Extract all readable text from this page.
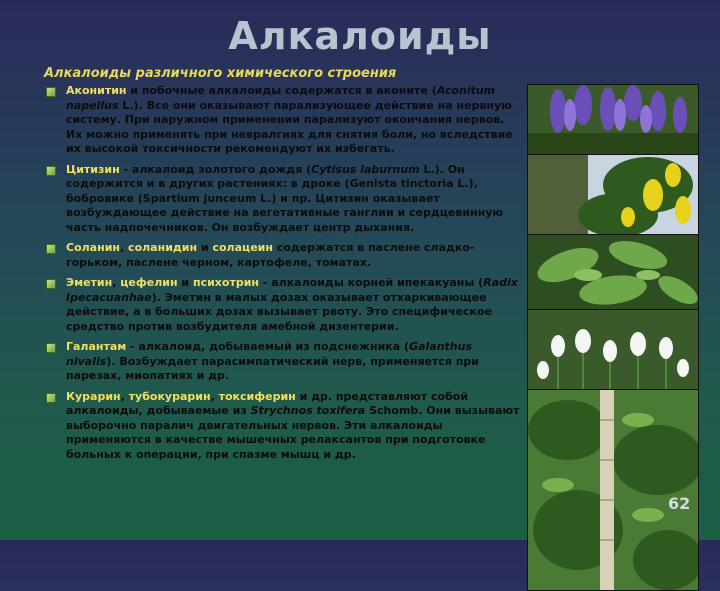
Алкалоиды
Алкалоиды различного химического строения
Аконитин и побочные алкалоиды содержатся в аконите (Aconitum napellus L.). Все они оказывают парализующее действие на нервную систему. При наружном применении парализуют окончания нервов. Их можно применять при невралгиях для снятия боли, но вследствие их высокой токсичности рекомендуют их избегать.
Цитизин - алкалоид золотого дождя (Cytisus laburnum L.). Он содержится и в других растениях: в дроке (Genista tinctoria L.), бобровике (Spartium junceum L.) и пр. Цитизин оказывает возбуждающее действие на вегетативные ганглии и сердцевинную часть надпочечников. Он возбуждает центр дыхания.
Соланин, соланидин и солацеин содержатся в паслене сладко-горьком, паслене черном, картофеле, томатах.
Эметин, цефелин и психотрин - алкалоиды корней ипекакуаны (Radix Ipecacuanhae). Эметин в малых дозах оказывает отхаркивающее действие, а в больших дозах вызывает рвоту. Это специфическое средство против возбудителя амебной дизентерии.
Галантам - алкалоид, добываемый из подснежника (Galanthus nivalis). Возбуждает парасимпатический нерв, применяется при парезах, миопатиях и др.
Курарин, тубокурарин, токсиферин и др. представляют собой алкалоиды, добываемые из Strychnos toxifera Schomb. Они вызывают выборочно паралич двигательных нервов. Эти алкалоиды применяются в качестве мышечных релаксантов при подготовке больных к операции, при спазме мышц и др.
62
